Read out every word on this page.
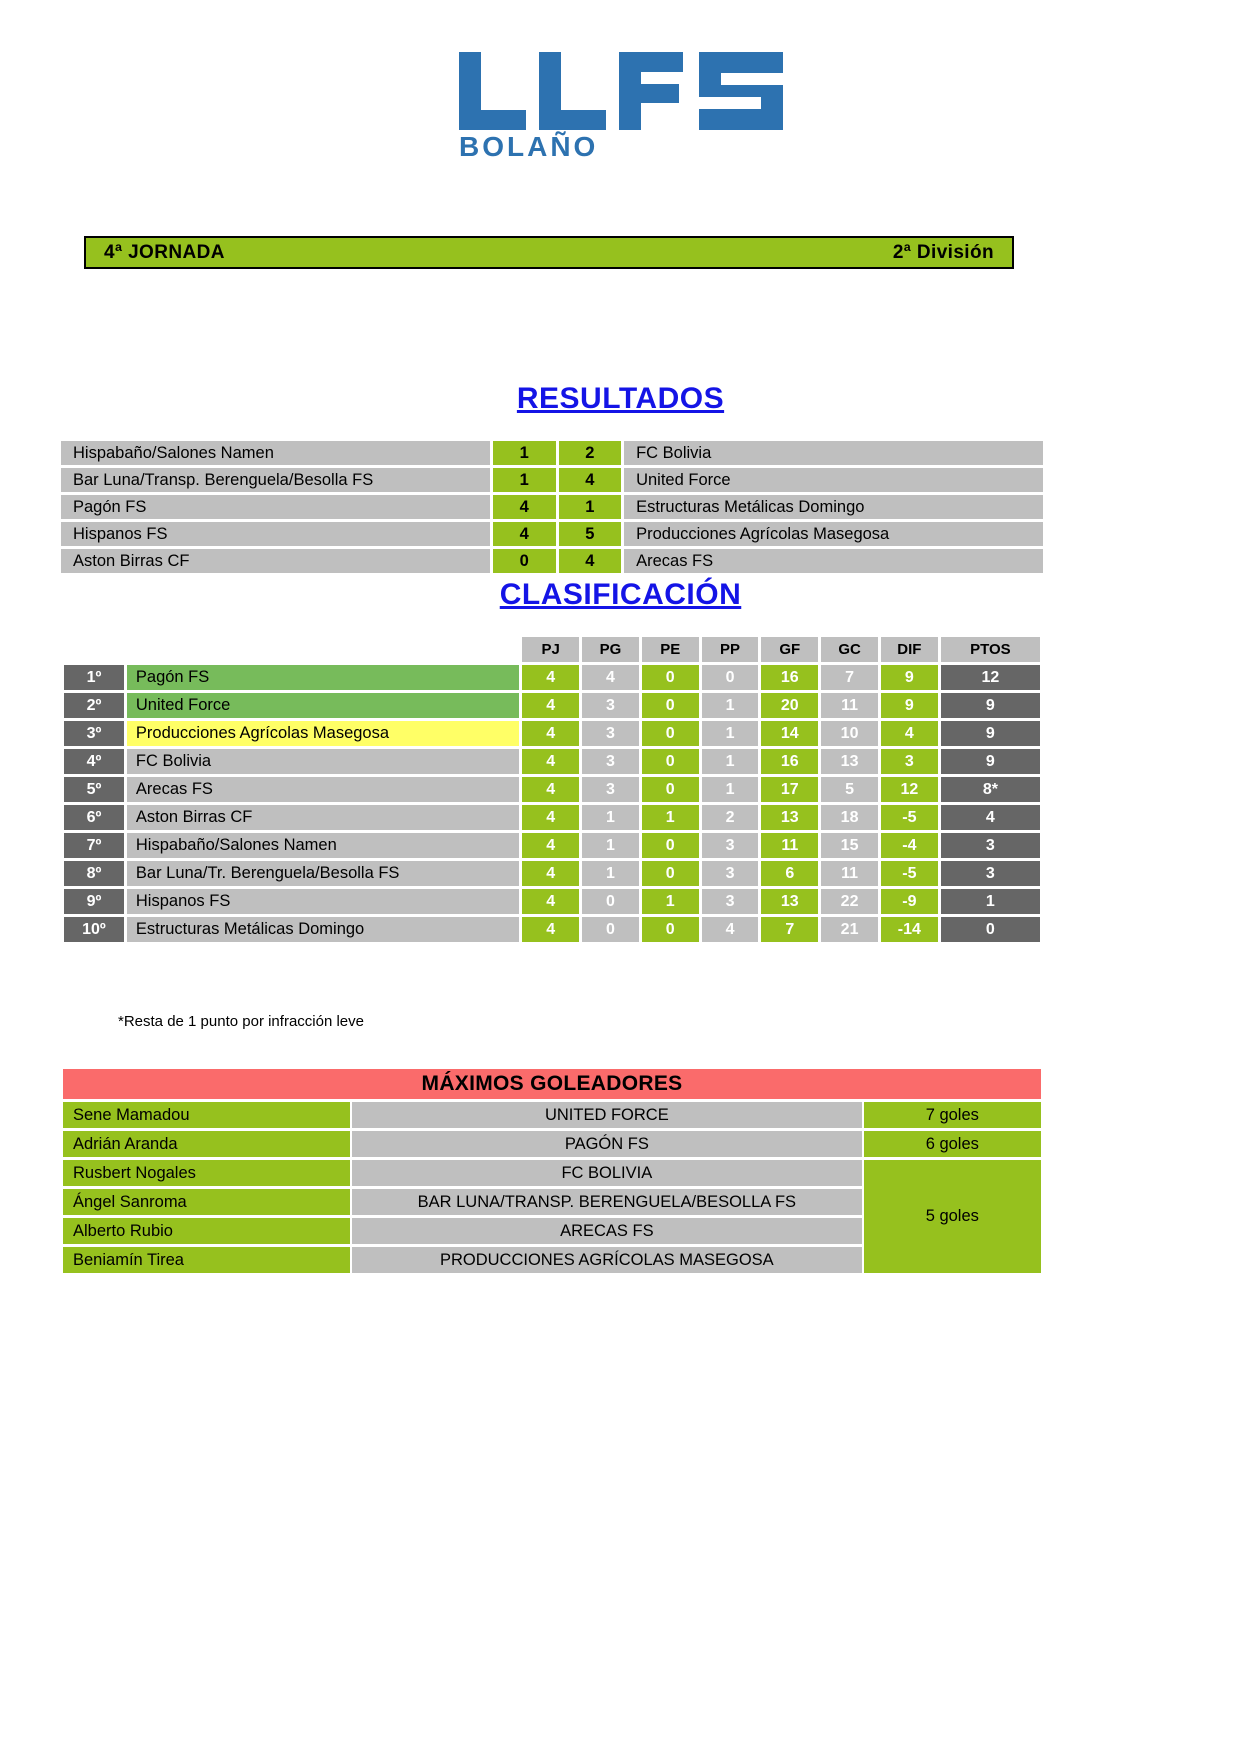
BOLAÑO
4ª JORNADA	2ª División
RESULTADOS
Hispabaño/Salones Namen		1		2		FC Bolivia
Bar Luna/Transp. Berenguela/Besolla FS		1		4		United Force
Pagón FS		4		1		Estructuras Metálicas Domingo
Hispanos FS		4		5		Producciones Agrícolas Masegosa
Aston Birras CF		0		4		Arecas FS
CLASIFICACIÓN
		PJ	PG	PE	PP	GF	GC	DIF	PTOS
1º	Pagón FS	4	4	0	0	16	7	9	12
2º	United Force	4	3	0	1	20	11	9	9
3º	Producciones Agrícolas Masegosa	4	3	0	1	14	10	4	9
4º	FC Bolivia	4	3	0	1	16	13	3	9
5º	Arecas FS	4	3	0	1	17	5	12	8*
6º	Aston Birras CF	4	1	1	2	13	18	-5	4
7º	Hispabaño/Salones Namen	4	1	0	3	11	15	-4	3
8º	Bar Luna/Tr. Berenguela/Besolla FS	4	1	0	3	6	11	-5	3
9º	Hispanos FS	4	0	1	3	13	22	-9	1
10º	Estructuras Metálicas Domingo	4	0	0	4	7	21	-14	0
*Resta de 1 punto por infracción leve
MÁXIMOS GOLEADORES		
Sene Mamadou	UNITED FORCE	7 goles
Adrián Aranda	PAGÓN FS	6 goles
Rusbert Nogales	FC BOLIVIA	5 goles
Ángel Sanroma	BAR LUNA/TRANSP. BERENGUELA/BESOLLA FS	
Alberto Rubio	ARECAS FS	
Beniamín Tirea	PRODUCCIONES AGRÍCOLAS MASEGOSA	
